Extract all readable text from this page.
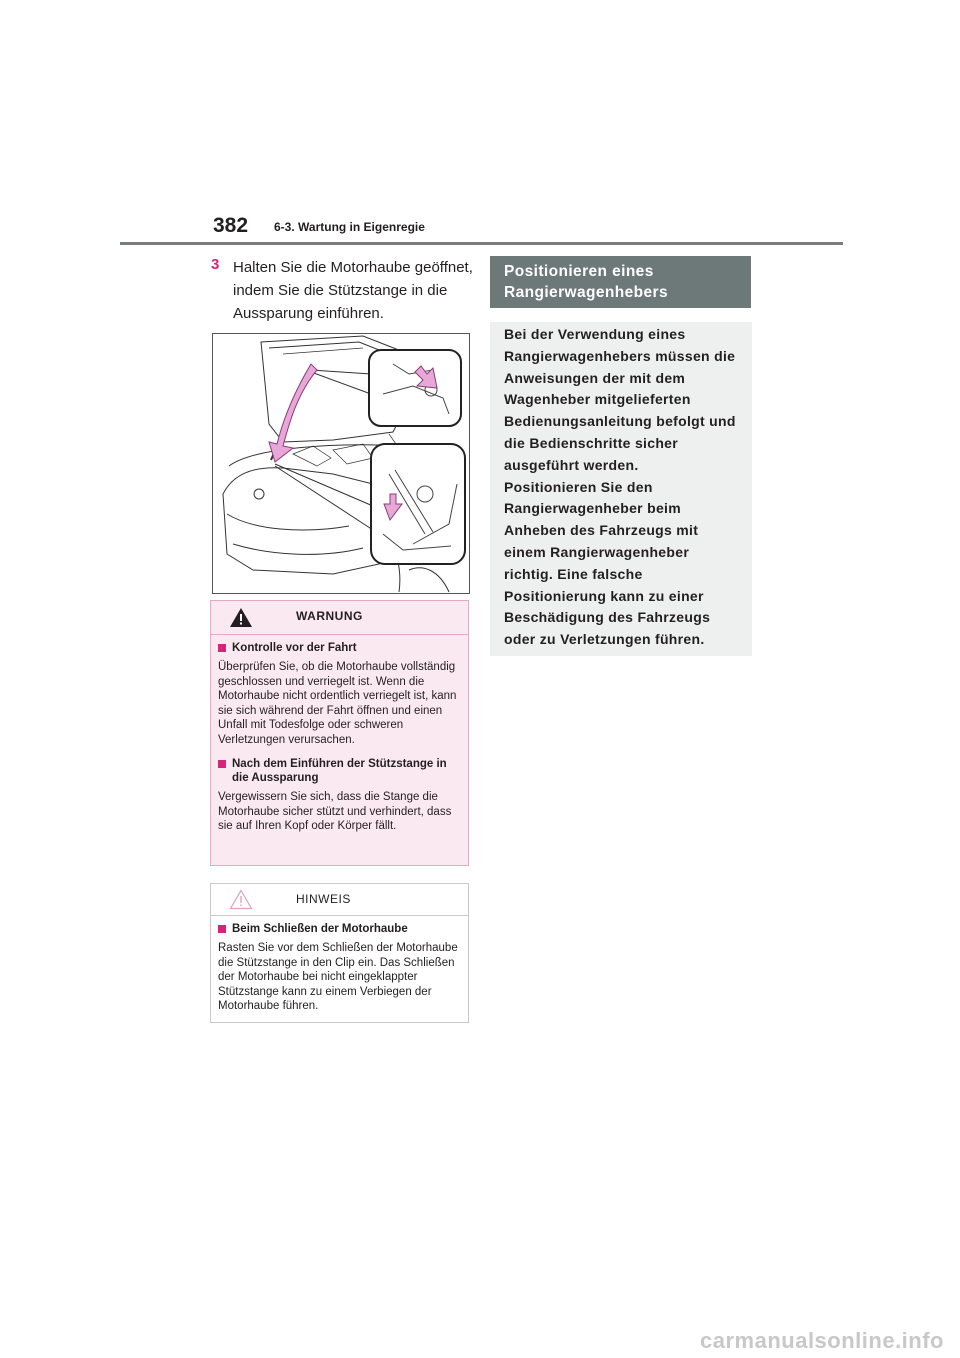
382 6-3. Wartung in Eigenregie
3 Halten Sie die Motorhaube geöffnet, indem Sie die Stützstange in die Aussparung einführen.
WARNUNG
Kontrolle vor der Fahrt
Überprüfen Sie, ob die Motorhaube vollständig geschlossen und verriegelt ist. Wenn die Motorhaube nicht ordentlich verriegelt ist, kann sie sich während der Fahrt öffnen und einen Unfall mit Todesfolge oder schweren Verletzungen verursachen.
Nach dem Einführen der Stützstange in die Aussparung
Vergewissern Sie sich, dass die Stange die Motorhaube sicher stützt und verhindert, dass sie auf Ihren Kopf oder Körper fällt.
HINWEIS
Beim Schließen der Motorhaube
Rasten Sie vor dem Schließen der Motorhaube die Stützstange in den Clip ein. Das Schließen der Motorhaube bei nicht eingeklappter Stützstange kann zu einem Verbiegen der Motorhaube führen.
Positionieren eines Rangierwagenhebers
Bei der Verwendung eines Rangierwagenhebers müssen die Anweisungen der mit dem Wagenheber mitgelieferten Bedienungsanleitung befolgt und die Bedienschritte sicher ausgeführt werden.
Positionieren Sie den Rangierwagenheber beim Anheben des Fahrzeugs mit einem Rangierwagenheber richtig. Eine falsche Positionierung kann zu einer Beschädigung des Fahrzeugs oder zu Verletzungen führen.
carmanualsonline.info
